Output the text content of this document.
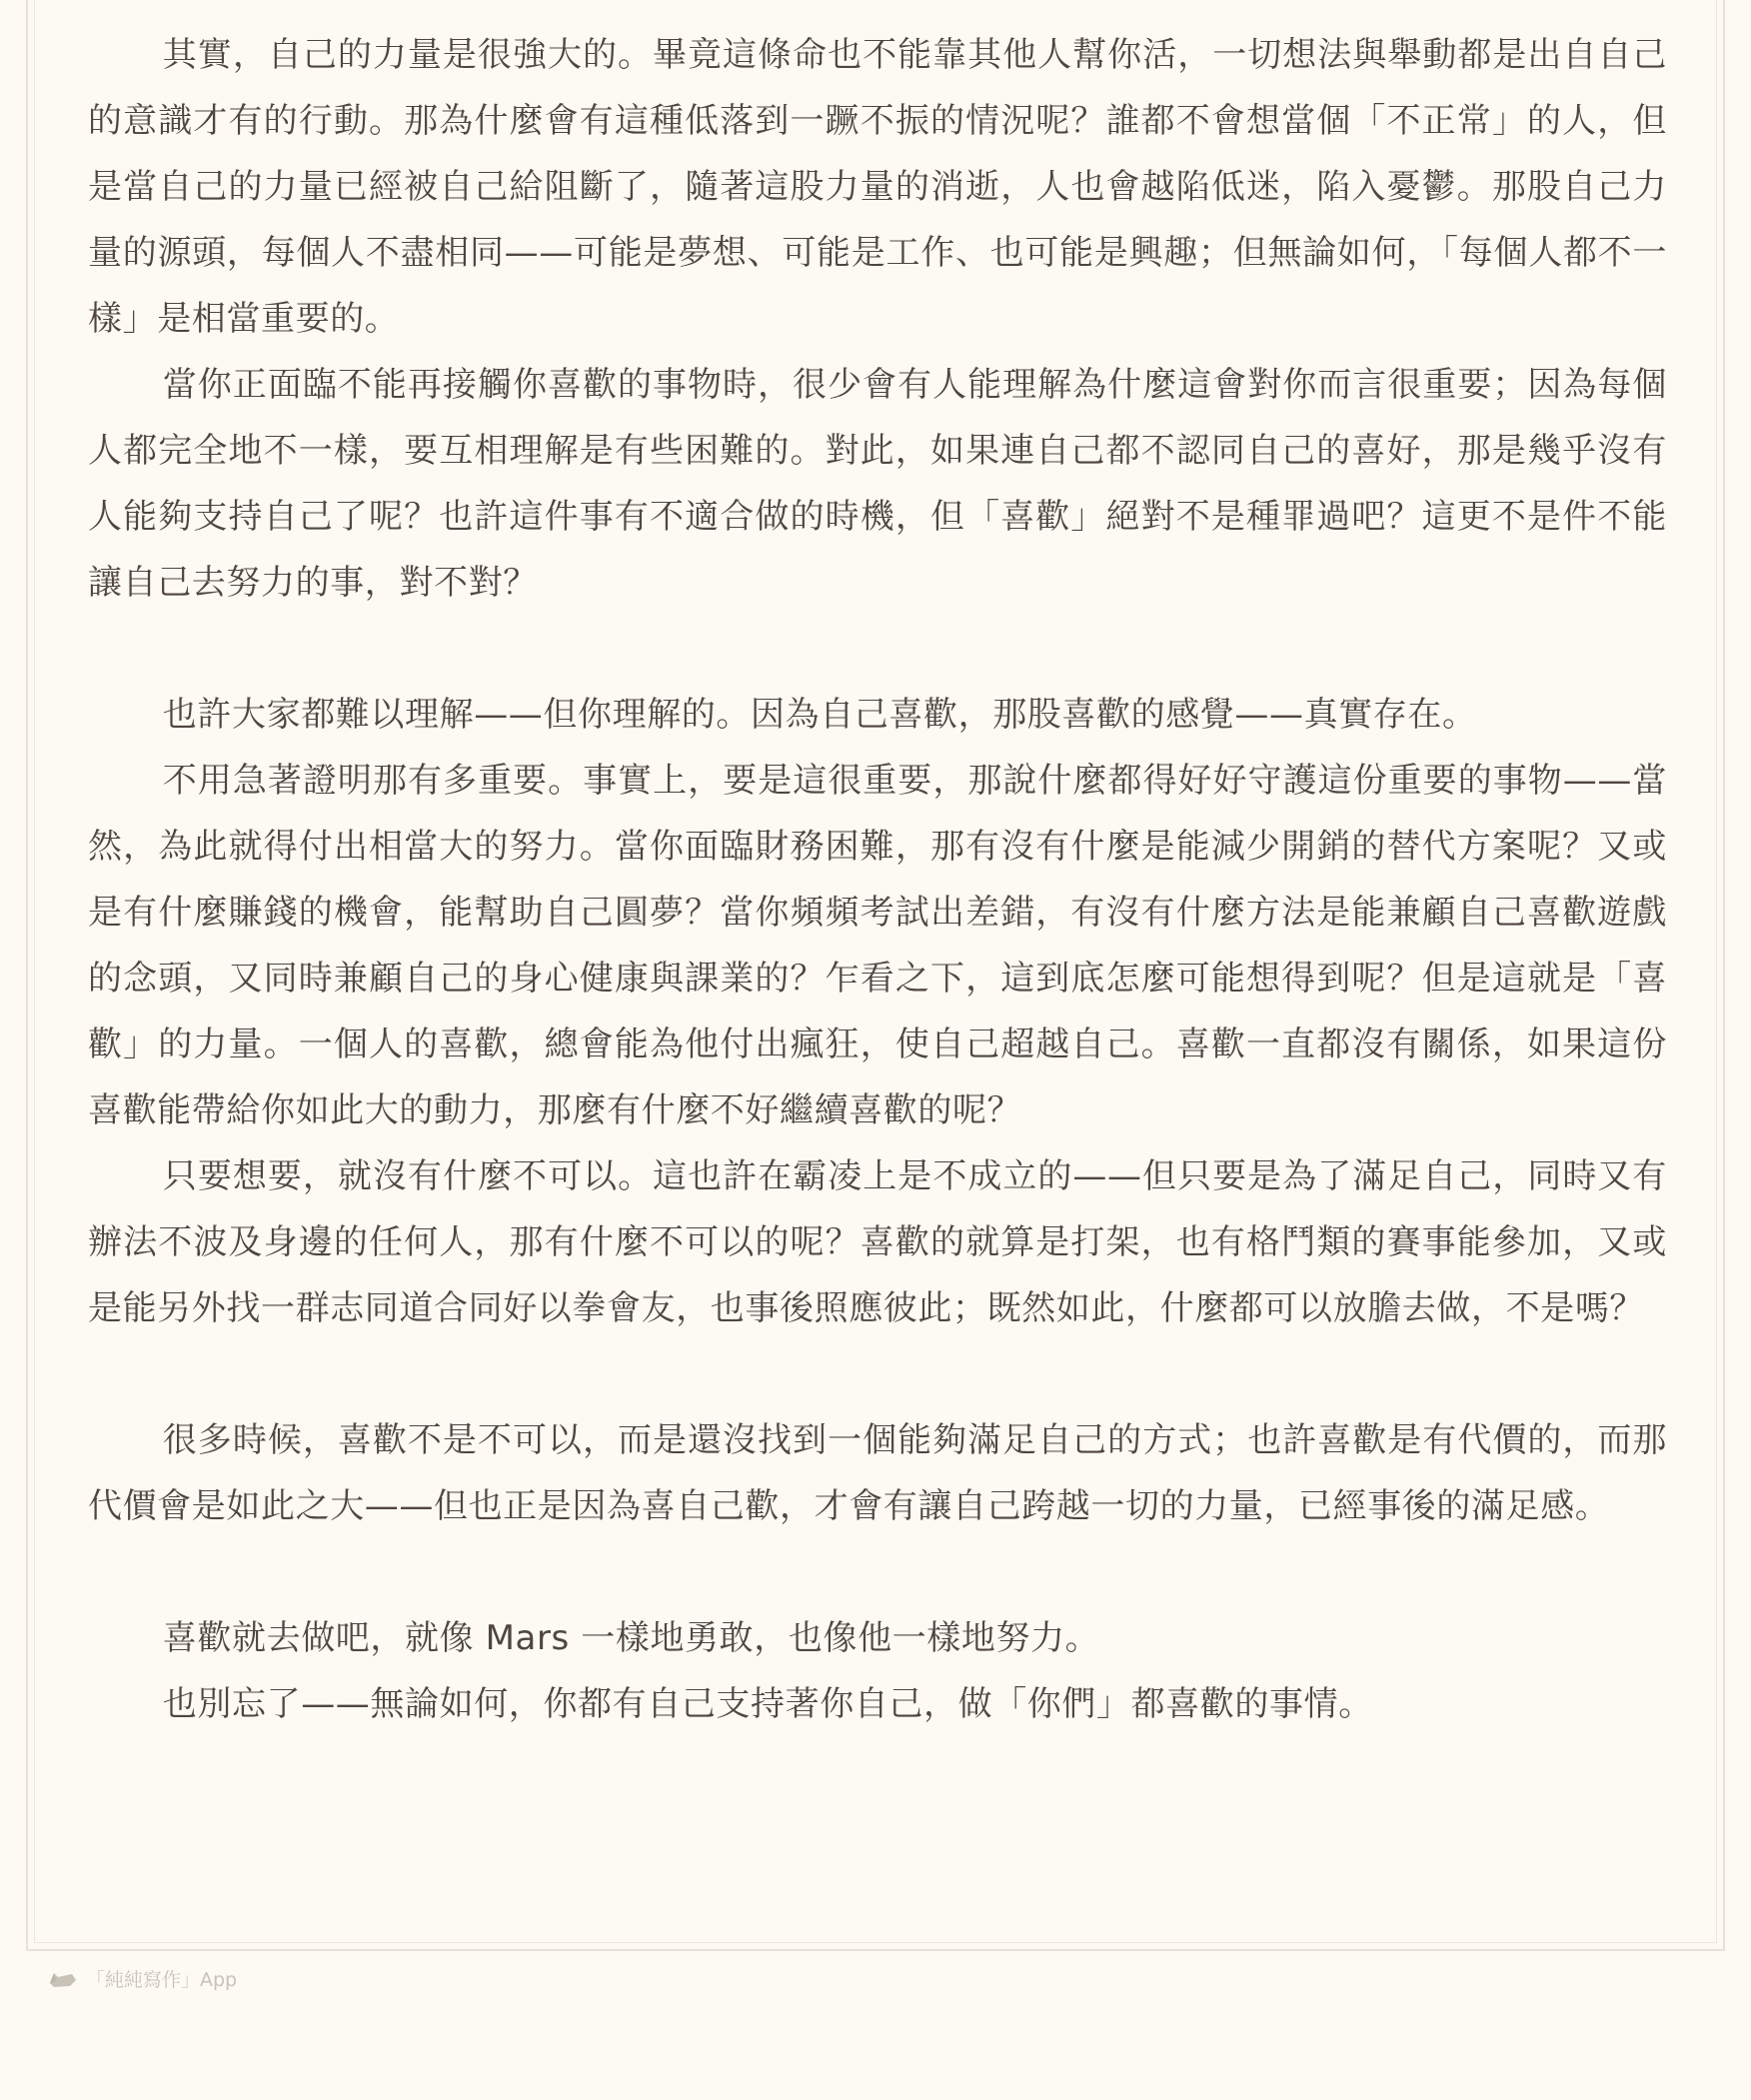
其實，自己的力量是很強大的。畢竟這條命也不能靠其他人幫你活，一切想法與舉動都是出自自己的意識才有的行動。那為什麼會有這種低落到一蹶不振的情況呢？誰都不會想當個「不正常」的人，但是當自己的力量已經被自己給阻斷了，隨著這股力量的消逝，人也會越陷低迷，陷入憂鬱。那股自己力量的源頭，每個人不盡相同——可能是夢想、可能是工作、也可能是興趣；但無論如何，「每個人都不一樣」是相當重要的。

當你正面臨不能再接觸你喜歡的事物時，很少會有人能理解為什麼這會對你而言很重要；因為每個人都完全地不一樣，要互相理解是有些困難的。對此，如果連自己都不認同自己的喜好，那是幾乎沒有人能夠支持自己了呢？也許這件事有不適合做的時機，但「喜歡」絕對不是種罪過吧？這更不是件不能讓自己去努力的事，對不對？

也許大家都難以理解——但你理解的。因為自己喜歡，那股喜歡的感覺——真實存在。

不用急著證明那有多重要。事實上，要是這很重要，那說什麼都得好好守護這份重要的事物——當然，為此就得付出相當大的努力。當你面臨財務困難，那有沒有什麼是能減少開銷的替代方案呢？又或是有什麼賺錢的機會，能幫助自己圓夢？當你頻頻考試出差錯，有沒有什麼方法是能兼顧自己喜歡遊戲的念頭，又同時兼顧自己的身心健康與課業的？乍看之下，這到底怎麼可能想得到呢？但是這就是「喜歡」的力量。一個人的喜歡，總會能為他付出瘋狂，使自己超越自己。喜歡一直都沒有關係，如果這份喜歡能帶給你如此大的動力，那麼有什麼不好繼續喜歡的呢？

只要想要，就沒有什麼不可以。這也許在霸凌上是不成立的——但只要是為了滿足自己，同時又有辦法不波及身邊的任何人，那有什麼不可以的呢？喜歡的就算是打架，也有格鬥類的賽事能參加，又或是能另外找一群志同道合同好以拳會友，也事後照應彼此；既然如此，什麼都可以放膽去做，不是嗎？

很多時候，喜歡不是不可以，而是還沒找到一個能夠滿足自己的方式；也許喜歡是有代價的，而那代價會是如此之大——但也正是因為喜自己歡，才會有讓自己跨越一切的力量，已經事後的滿足感。

喜歡就去做吧，就像 Mars 一樣地勇敢，也像他一樣地努力。

也別忘了——無論如何，你都有自己支持著你自己，做「你們」都喜歡的事情。

「純純寫作」App
